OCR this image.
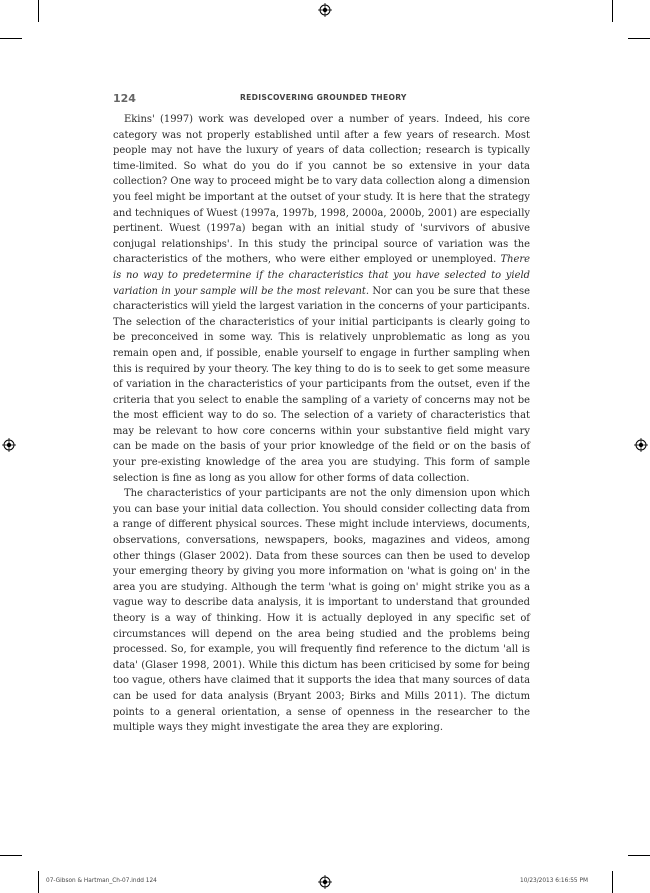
124	REDISCOVERING GROUNDED THEORY

Ekins' (1997) work was developed over a number of years. Indeed, his core category was not properly established until after a few years of research. Most people may not have the luxury of years of data collection; research is typically time-limited. So what do you do if you cannot be so extensive in your data collection? One way to proceed might be to vary data collection along a dimension you feel might be important at the outset of your study. It is here that the strategy and techniques of Wuest (1997a, 1997b, 1998, 2000a, 2000b, 2001) are especially pertinent. Wuest (1997a) began with an initial study of 'survivors of abusive conjugal relationships'. In this study the principal source of variation was the characteristics of the mothers, who were either employed or unemployed. There is no way to predetermine if the characteristics that you have selected to yield variation in your sample will be the most relevant. Nor can you be sure that these characteristics will yield the largest variation in the concerns of your participants. The selection of the characteristics of your initial participants is clearly going to be preconceived in some way. This is relatively unproblematic as long as you remain open and, if possible, enable yourself to engage in further sampling when this is required by your theory. The key thing to do is to seek to get some measure of variation in the characteristics of your participants from the outset, even if the criteria that you select to enable the sampling of a variety of concerns may not be the most efficient way to do so. The selection of a variety of characteristics that may be relevant to how core concerns within your substantive field might vary can be made on the basis of your prior knowledge of the field or on the basis of your pre-existing knowledge of the area you are studying. This form of sample selection is fine as long as you allow for other forms of data collection.

The characteristics of your participants are not the only dimension upon which you can base your initial data collection. You should consider collecting data from a range of different physical sources. These might include interviews, documents, observations, conversations, newspapers, books, magazines and videos, among other things (Glaser 2002). Data from these sources can then be used to develop your emerging theory by giving you more information on 'what is going on' in the area you are studying. Although the term 'what is going on' might strike you as a vague way to describe data analysis, it is important to understand that grounded theory is a way of thinking. How it is actually deployed in any specific set of circumstances will depend on the area being studied and the problems being processed. So, for example, you will frequently find reference to the dictum 'all is data' (Glaser 1998, 2001). While this dictum has been criticised by some for being too vague, others have claimed that it supports the idea that many sources of data can be used for data analysis (Bryant 2003; Birks and Mills 2011). The dictum points to a general orientation, a sense of openness in the researcher to the multiple ways they might investigate the area they are exploring.

07-Gibson & Hartman_Ch-07.indd 124	10/23/2013 6:16:55 PM
